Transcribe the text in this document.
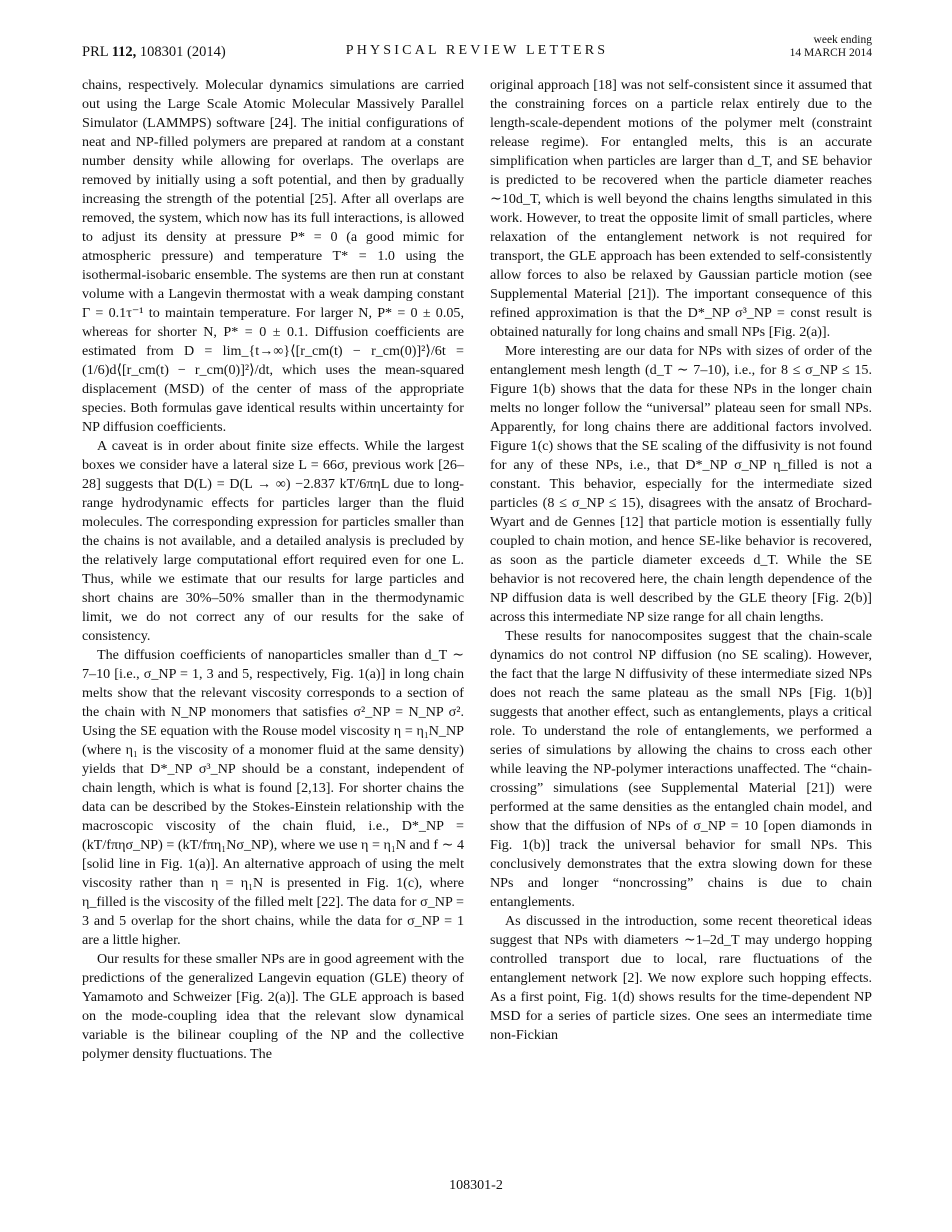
PRL 112, 108301 (2014)	PHYSICAL REVIEW LETTERS
week ending
14 MARCH 2014

chains, respectively. Molecular dynamics simulations are carried out using the Large Scale Atomic Molecular Massively Parallel Simulator (LAMMPS) software [24]. The initial configurations of neat and NP-filled polymers are prepared at random at a constant number density while allowing for overlaps. The overlaps are removed by initially using a soft potential, and then by gradually increasing the strength of the potential [25]. After all overlaps are removed, the system, which now has its full interactions, is allowed to adjust its density at pressure P* = 0 (a good mimic for atmospheric pressure) and temperature T* = 1.0 using the isothermal-isobaric ensemble. The systems are then run at constant volume with a Langevin thermostat with a weak damping constant Γ = 0.1τ⁻¹ to maintain temperature. For larger N, P* = 0 ± 0.05, whereas for shorter N, P* = 0 ± 0.1. Diffusion coefficients are estimated from D = lim_{t→∞}⟨[r_cm(t) − r_cm(0)]²⟩/6t = (1/6)d⟨[r_cm(t) − r_cm(0)]²⟩/dt, which uses the mean-squared displacement (MSD) of the center of mass of the appropriate species. Both formulas gave identical results within uncertainty for NP diffusion coefficients.

A caveat is in order about finite size effects. While the largest boxes we consider have a lateral size L = 66σ, previous work [26–28] suggests that D(L) = D(L → ∞) −2.837 kT/6πηL due to long-range hydrodynamic effects for particles larger than the fluid molecules. The corresponding expression for particles smaller than the chains is not available, and a detailed analysis is precluded by the relatively large computational effort required even for one L. Thus, while we estimate that our results for large particles and short chains are 30%–50% smaller than in the thermodynamic limit, we do not correct any of our results for the sake of consistency.

The diffusion coefficients of nanoparticles smaller than d_T ∼ 7–10 [i.e., σ_NP = 1, 3 and 5, respectively, Fig. 1(a)] in long chain melts show that the relevant viscosity corresponds to a section of the chain with N_NP monomers that satisfies σ²_NP = N_NP σ². Using the SE equation with the Rouse model viscosity η = η₁N_NP (where η₁ is the viscosity of a monomer fluid at the same density) yields that D*_NP σ³_NP should be a constant, independent of chain length, which is what is found [2,13]. For shorter chains the data can be described by the Stokes-Einstein relationship with the macroscopic viscosity of the chain fluid, i.e., D*_NP = (kT/fπησ_NP) = (kT/fπη₁Nσ_NP), where we use η = η₁N and f ∼ 4 [solid line in Fig. 1(a)]. An alternative approach of using the melt viscosity rather than η = η₁N is presented in Fig. 1(c), where η_filled is the viscosity of the filled melt [22]. The data for σ_NP = 3 and 5 overlap for the short chains, while the data for σ_NP = 1 are a little higher.

Our results for these smaller NPs are in good agreement with the predictions of the generalized Langevin equation (GLE) theory of Yamamoto and Schweizer [Fig. 2(a)]. The GLE approach is based on the mode-coupling idea that the relevant slow dynamical variable is the bilinear coupling of the NP and the collective polymer density fluctuations. The

original approach [18] was not self-consistent since it assumed that the constraining forces on a particle relax entirely due to the length-scale-dependent motions of the polymer melt (constraint release regime). For entangled melts, this is an accurate simplification when particles are larger than d_T, and SE behavior is predicted to be recovered when the particle diameter reaches ∼10d_T, which is well beyond the chains lengths simulated in this work. However, to treat the opposite limit of small particles, where relaxation of the entanglement network is not required for transport, the GLE approach has been extended to self-consistently allow forces to also be relaxed by Gaussian particle motion (see Supplemental Material [21]). The important consequence of this refined approximation is that the D*_NP σ³_NP = const result is obtained naturally for long chains and small NPs [Fig. 2(a)].

More interesting are our data for NPs with sizes of order of the entanglement mesh length (d_T ∼ 7–10), i.e., for 8 ≤ σ_NP ≤ 15. Figure 1(b) shows that the data for these NPs in the longer chain melts no longer follow the “universal” plateau seen for small NPs. Apparently, for long chains there are additional factors involved. Figure 1(c) shows that the SE scaling of the diffusivity is not found for any of these NPs, i.e., that D*_NP σ_NP η_filled is not a constant. This behavior, especially for the intermediate sized particles (8 ≤ σ_NP ≤ 15), disagrees with the ansatz of Brochard-Wyart and de Gennes [12] that particle motion is essentially fully coupled to chain motion, and hence SE-like behavior is recovered, as soon as the particle diameter exceeds d_T. While the SE behavior is not recovered here, the chain length dependence of the NP diffusion data is well described by the GLE theory [Fig. 2(b)] across this intermediate NP size range for all chain lengths.

These results for nanocomposites suggest that the chain-scale dynamics do not control NP diffusion (no SE scaling). However, the fact that the large N diffusivity of these intermediate sized NPs does not reach the same plateau as the small NPs [Fig. 1(b)] suggests that another effect, such as entanglements, plays a critical role. To understand the role of entanglements, we performed a series of simulations by allowing the chains to cross each other while leaving the NP-polymer interactions unaffected. The “chain-crossing” simulations (see Supplemental Material [21]) were performed at the same densities as the entangled chain model, and show that the diffusion of NPs of σ_NP = 10 [open diamonds in Fig. 1(b)] track the universal behavior for small NPs. This conclusively demonstrates that the extra slowing down for these NPs and longer “noncrossing” chains is due to chain entanglements.

As discussed in the introduction, some recent theoretical ideas suggest that NPs with diameters ∼1–2d_T may undergo hopping controlled transport due to local, rare fluctuations of the entanglement network [2]. We now explore such hopping effects. As a first point, Fig. 1(d) shows results for the time-dependent NP MSD for a series of particle sizes. One sees an intermediate time non-Fickian

108301-2
